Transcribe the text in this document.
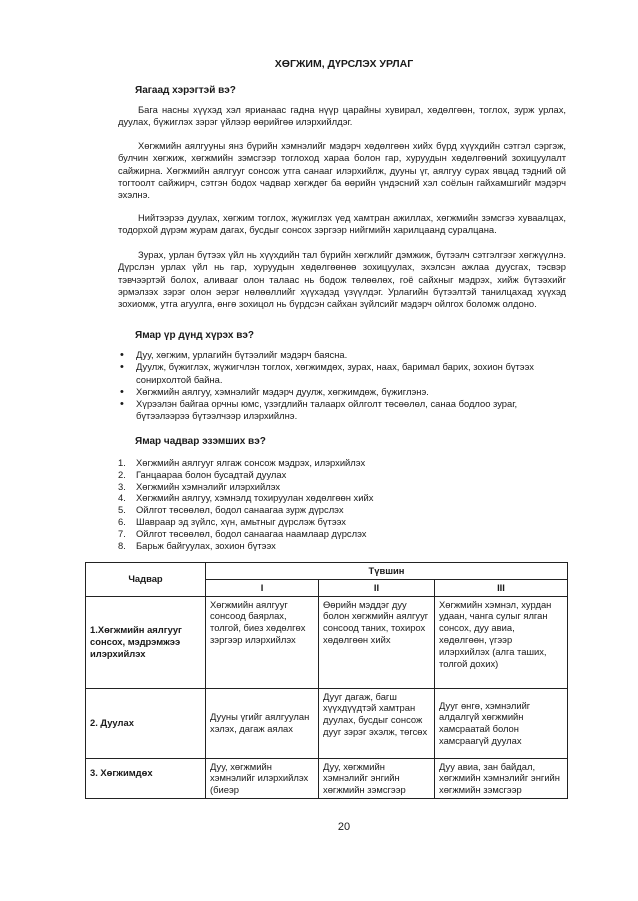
ХӨГЖИМ, ДҮРСЛЭХ УРЛАГ
Яагаад хэрэгтэй вэ?

Бага насны хүүхэд хэл ярианаас гадна нүүр царайны хувирал, хөдөлгөөн, тоглох, зурж урлах, дуулах, бүжиглэх зэрэг үйлээр өөрийгөө илэрхийлдэг.

Хөгжмийн аялгууны янз бүрийн хэмнэлийг мэдэрч хөдөлгөөн хийх бүрд хүүхдийн сэтгэл сэргэж, булчин хөгжиж, хөгжмийн зэмсгээр тоглоход хараа болон гар, хуруудын хөдөлгөөний зохицуулалт сайжирна. Хөгжмийн аялгууг сонсож утга санааг илэрхийлж, дууны үг, аялгуу сурах явцад тэдний ой тогтоолт сайжирч, сэтгэн бодох чадвар хөгждөг ба өөрийн үндэсний хэл соёлын гайхамшгийг мэдэрч эхэлнэ.

Нийтээрээ дуулах, хөгжим тоглох, жүжиглэх үед хамтран ажиллах, хөгжмийн зэмсгээ хуваалцах, тодорхой дүрэм журам дагах, бусдыг сонсох зэргээр нийгмийн харилцаанд суралцана.

Зурах, урлан бүтээх үйл нь хүүхдийн тал бүрийн хөгжлийг дэмжиж, бүтээлч сэтгэлгээг хөгжүүлнэ. Дүрслэн урлах үйл нь гар, хуруудын хөдөлгөөнөө зохицуулах, эхэлсэн ажлаа дуусгах, тэсвэр тэвчээртэй болох, аливааг олон талаас нь бодож төлөөлөх, гоё сайхныг мэдрэх, хийж бүтээхийг эрмэлзэх зэрэг олон эерэг нөлөөллийг хүүхэдэд үзүүлдэг. Урлагийн бүтээлтэй танилцахад хүүхэд зохиомж, утга агуулга, өнгө зохицол нь бүрдсэн сайхан зүйлсийг мэдэрч ойлгох боломж олдоно.

Ямар үр дүнд хүрэх вэ?
• Дуу, хөгжим, урлагийн бүтээлийг мэдэрч баясна.
• Дуулж, бүжиглэх, жүжигчлэн тоглох, хөгжимдөх, зурах, наах, баримал барих, зохион бүтээх сонирхолтой байна.
• Хөгжмийн аялгуу, хэмнэлийг мэдэрч дуулж, хөгжимдөж, бүжиглэнэ.
• Хүрээлэн байгаа орчны юмс, үзэгдлийн талаарх ойлголт төсөөлөл, санаа бодлоо зураг, бүтээлээрээ бүтээлчээр илэрхийлнэ.
Ямар чадвар эзэмших вэ?
1.	Хөгжмийн аялгууг ялгаж сонсож мэдрэх, илэрхийлэх
2.	Ганцаараа болон бусадтай дуулах
3.	Хөгжмийн хэмнэлийг илэрхийлэх
4.	Хөгжмийн аялгуу, хэмнэлд тохируулан хөдөлгөөн хийх
5.	Ойлгот төсөөлөл, бодол санаагаа зурж дүрслэх
6.	Шавраар эд зүйлс, хүн, амьтныг дүрслэж бүтээх
7.	Ойлгот төсөөлөл, бодол санаагаа наамлаар дүрслэх
8.	Барьж байгуулах, зохион бүтээх
Чадвар	Түвшин		
	I	II	III
1.Хөгжмийн аялгууг сонсох, мэдрэмжээ илэрхийлэх	Хөгжмийн аялгууг сонсоод баярлах, толгой, биез хөдөлгөх зэргээр илэрхийлэх	Өөрийн мэддэг дуу болон хөгжмийн аялгууг сонсоод таних, тохирох хөдөлгөөн хийх	Хөгжмийн хэмнэл, хурдан удаан, чанга сулыг ялган сонсох, дуу авиа, хөдөлгөөн, үгээр илэрхийлэх (алга таших, толгой дохих)
2. Дуулах	Дууны үгийг аялгуулан хэлэх, дагаж аялах	Дууг дагаж, багш хүүхдүүдтэй хамтран дуулах, бусдыг сонсож дууг зэрэг эхэлж, төгсөх	Дууг өнгө, хэмнэлийг алдалгүй хөгжмийн хамсраатай болон хамсраагүй дуулах
3. Хөгжимдөх	Дуу, хөгжмийн хэмнэлийг илэрхийлэх (биеэр	Дуу, хөгжмийн хэмнэлийг энгийн хөгжмийн зэмсгээр	Дуу авиа, зан байдал, хөгжмийн хэмнэлийг энгийн хөгжмийн зэмсгээр
20
